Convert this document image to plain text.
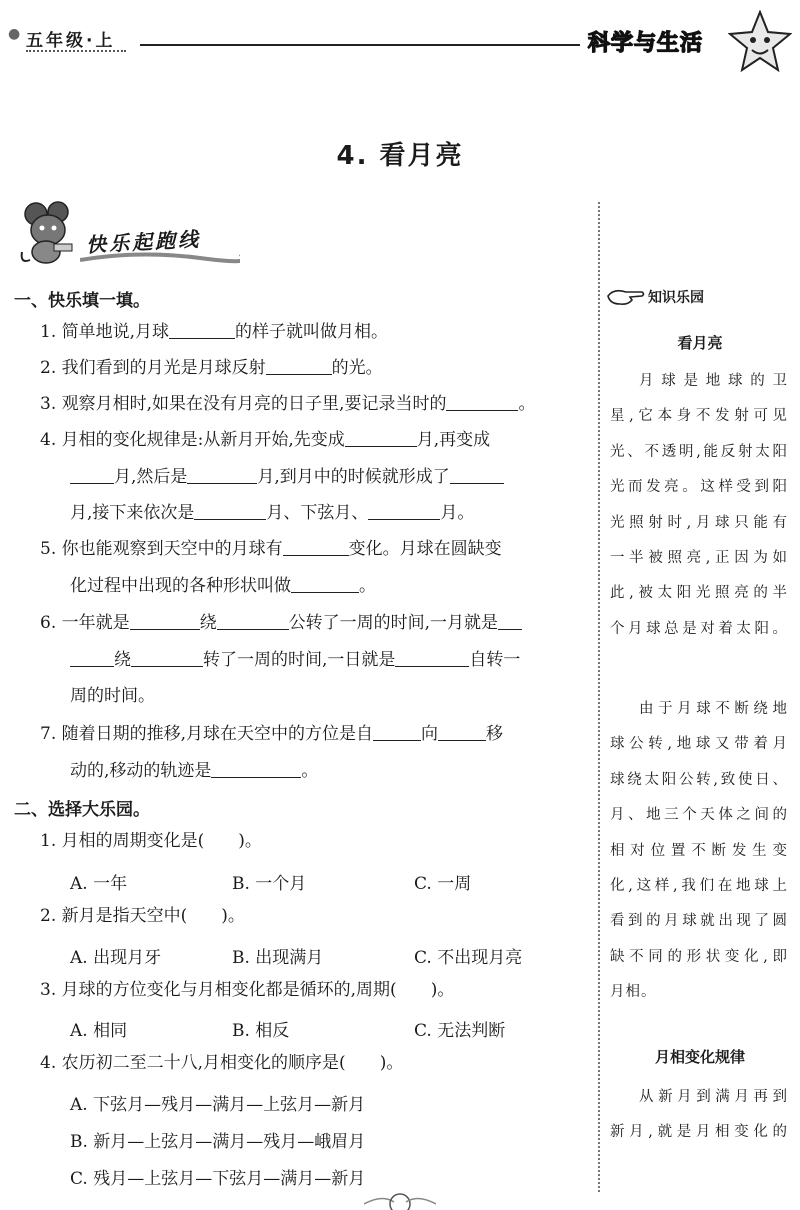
● 五年级·上	科学与生活
4. 看月亮
快乐起跑线
一、快乐填一填。
1. 简单地说,月球	的样子就叫做月相。
2. 我们看到的月光是月球反射	的光。
3. 观察月相时,如果在没有月亮的日子里,要记录当时的	。
4. 月相的变化规律是:从新月开始,先变成	月,再变成
月,然后是	月,到月中的时候就形成了
月,接下来依次是	月、下弦月、	月。
5. 你也能观察到天空中的月球有	变化。月球在圆缺变
化过程中出现的各种形状叫做	。
6. 一年就是	绕	公转了一周的时间,一月就是
绕	转了一周的时间,一日就是	自转一
周的时间。
7. 随着日期的推移,月球在天空中的方位是自	向	移
动的,移动的轨迹是	。
二、选择大乐园。
1. 月相的周期变化是( )。
A. 一年	B. 一个月	C. 一周
2. 新月是指天空中( )。
A. 出现月牙	B. 出现满月	C. 不出现月亮
3. 月球的方位变化与月相变化都是循环的,周期( )。
A. 相同	B. 相反	C. 无法判断
4. 农历初二至二十八,月相变化的顺序是( )。
A. 下弦月—残月—满月—上弦月—新月
B. 新月—上弦月—满月—残月—峨眉月
C. 残月—上弦月—下弦月—满月—新月
知识乐园
看月亮
月球是地球的卫
星,它本身不发射可见
光、不透明,能反射太阳
光而发亮。这样受到阳
光照射时,月球只能有
一半被照亮,正因为如
此,被太阳光照亮的半
个月球总是对着太阳。
由于月球不断绕地
球公转,地球又带着月
球绕太阳公转,致使日、
月、地三个天体之间的
相对位置不断发生变
化,这样,我们在地球上
看到的月球就出现了圆
缺不同的形状变化,即
月相。
月相变化规律
从新月到满月再到
新月,就是月相变化的
